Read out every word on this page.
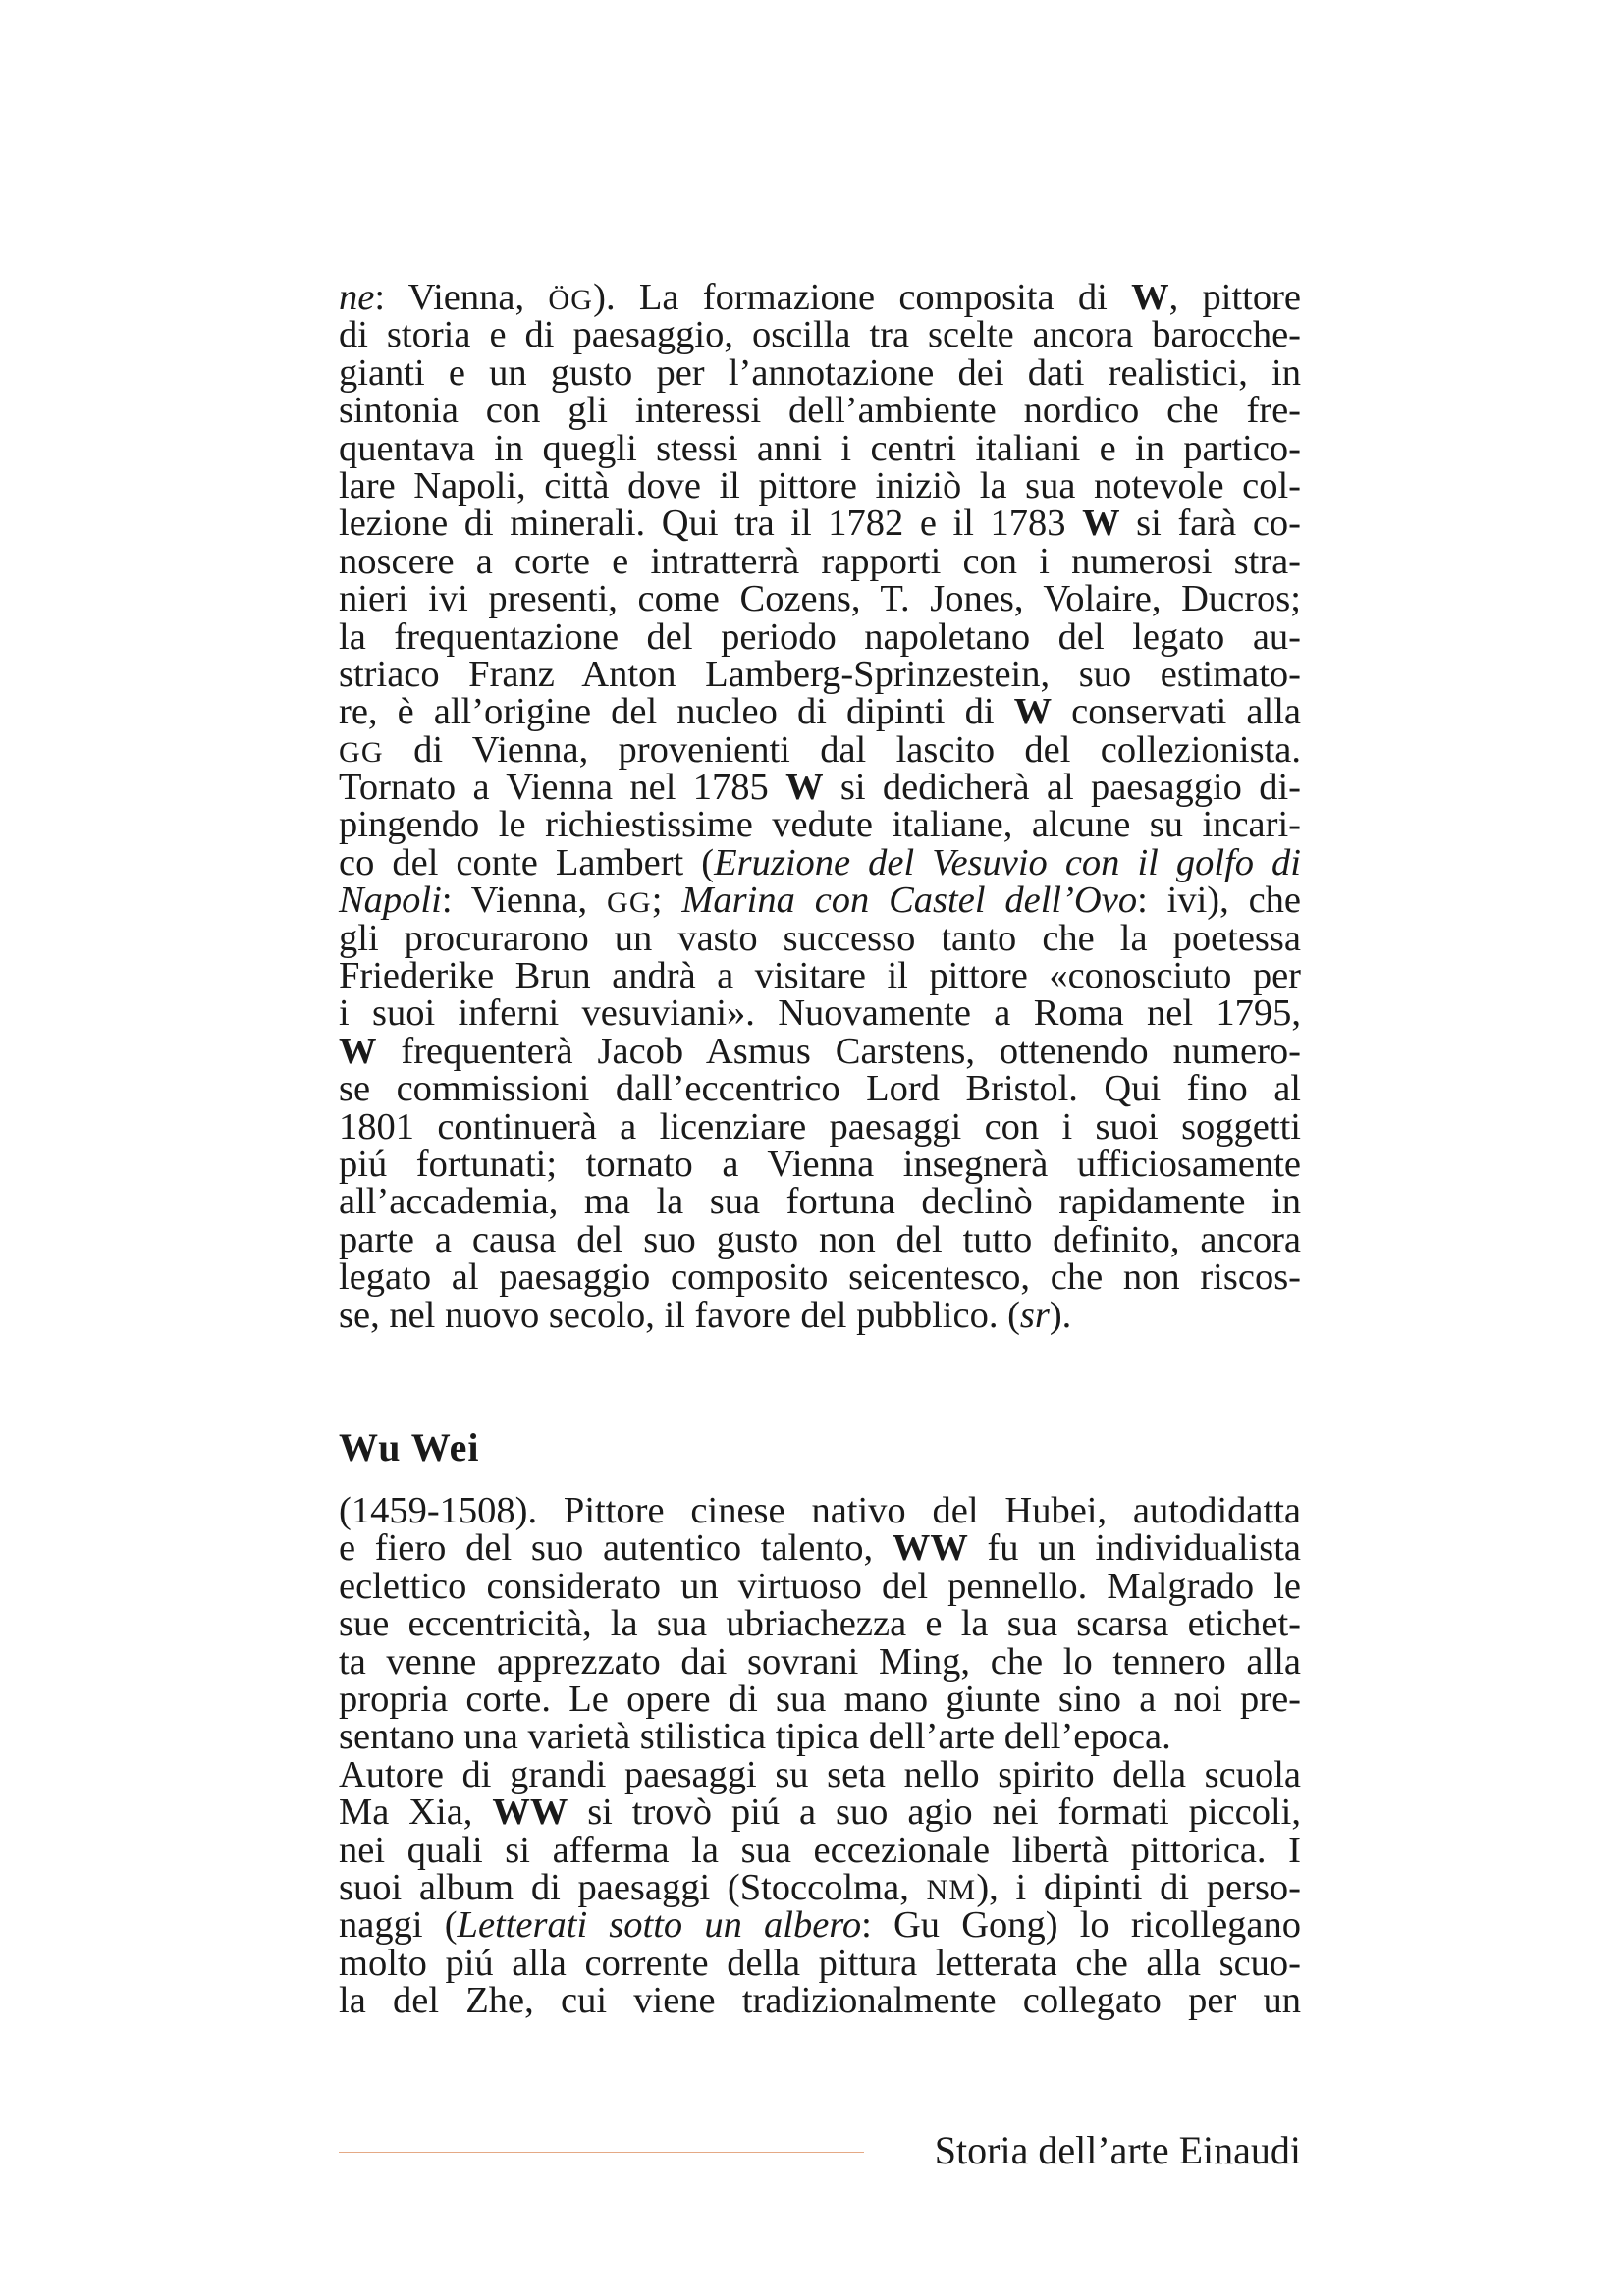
ne: Vienna, ÖG). La formazione composita di W, pittore
di storia e di paesaggio, oscilla tra scelte ancora barocche-
gianti e un gusto per l’annotazione dei dati realistici, in
sintonia con gli interessi dell’ambiente nordico che fre-
quentava in quegli stessi anni i centri italiani e in partico-
lare Napoli, città dove il pittore iniziò la sua notevole col-
lezione di minerali. Qui tra il 1782 e il 1783 W si farà co-
noscere a corte e intratterrà rapporti con i numerosi stra-
nieri ivi presenti, come Cozens, T. Jones, Volaire, Ducros;
la frequentazione del periodo napoletano del legato au-
striaco Franz Anton Lamberg-Sprinzestein, suo estimato-
re, è all’origine del nucleo di dipinti di W conservati alla
GG di Vienna, provenienti dal lascito del collezionista.
Tornato a Vienna nel 1785 W si dedicherà al paesaggio di-
pingendo le richiestissime vedute italiane, alcune su incari-
co del conte Lambert (Eruzione del Vesuvio con il golfo di
Napoli: Vienna, GG; Marina con Castel dell’Ovo: ivi), che
gli procurarono un vasto successo tanto che la poetessa
Friederike Brun andrà a visitare il pittore «conosciuto per
i suoi inferni vesuviani». Nuovamente a Roma nel 1795,
W frequenterà Jacob Asmus Carstens, ottenendo numero-
se commissioni dall’eccentrico Lord Bristol. Qui fino al
1801 continuerà a licenziare paesaggi con i suoi soggetti
piú fortunati; tornato a Vienna insegnerà ufficiosamente
all’accademia, ma la sua fortuna declinò rapidamente in
parte a causa del suo gusto non del tutto definito, ancora
legato al paesaggio composito seicentesco, che non riscos-
se, nel nuovo secolo, il favore del pubblico. (sr).
Wu Wei
(1459-1508). Pittore cinese nativo del Hubei, autodidatta
e fiero del suo autentico talento, WW fu un individualista
eclettico considerato un virtuoso del pennello. Malgrado le
sue eccentricità, la sua ubriachezza e la sua scarsa etichet-
ta venne apprezzato dai sovrani Ming, che lo tennero alla
propria corte. Le opere di sua mano giunte sino a noi pre-
sentano una varietà stilistica tipica dell’arte dell’epoca.
Autore di grandi paesaggi su seta nello spirito della scuola
Ma Xia, WW si trovò piú a suo agio nei formati piccoli,
nei quali si afferma la sua eccezionale libertà pittorica. I
suoi album di paesaggi (Stoccolma, NM), i dipinti di perso-
naggi (Letterati sotto un albero: Gu Gong) lo ricollegano
molto piú alla corrente della pittura letterata che alla scuo-
la del Zhe, cui viene tradizionalmente collegato per un
Storia dell’arte Einaudi
